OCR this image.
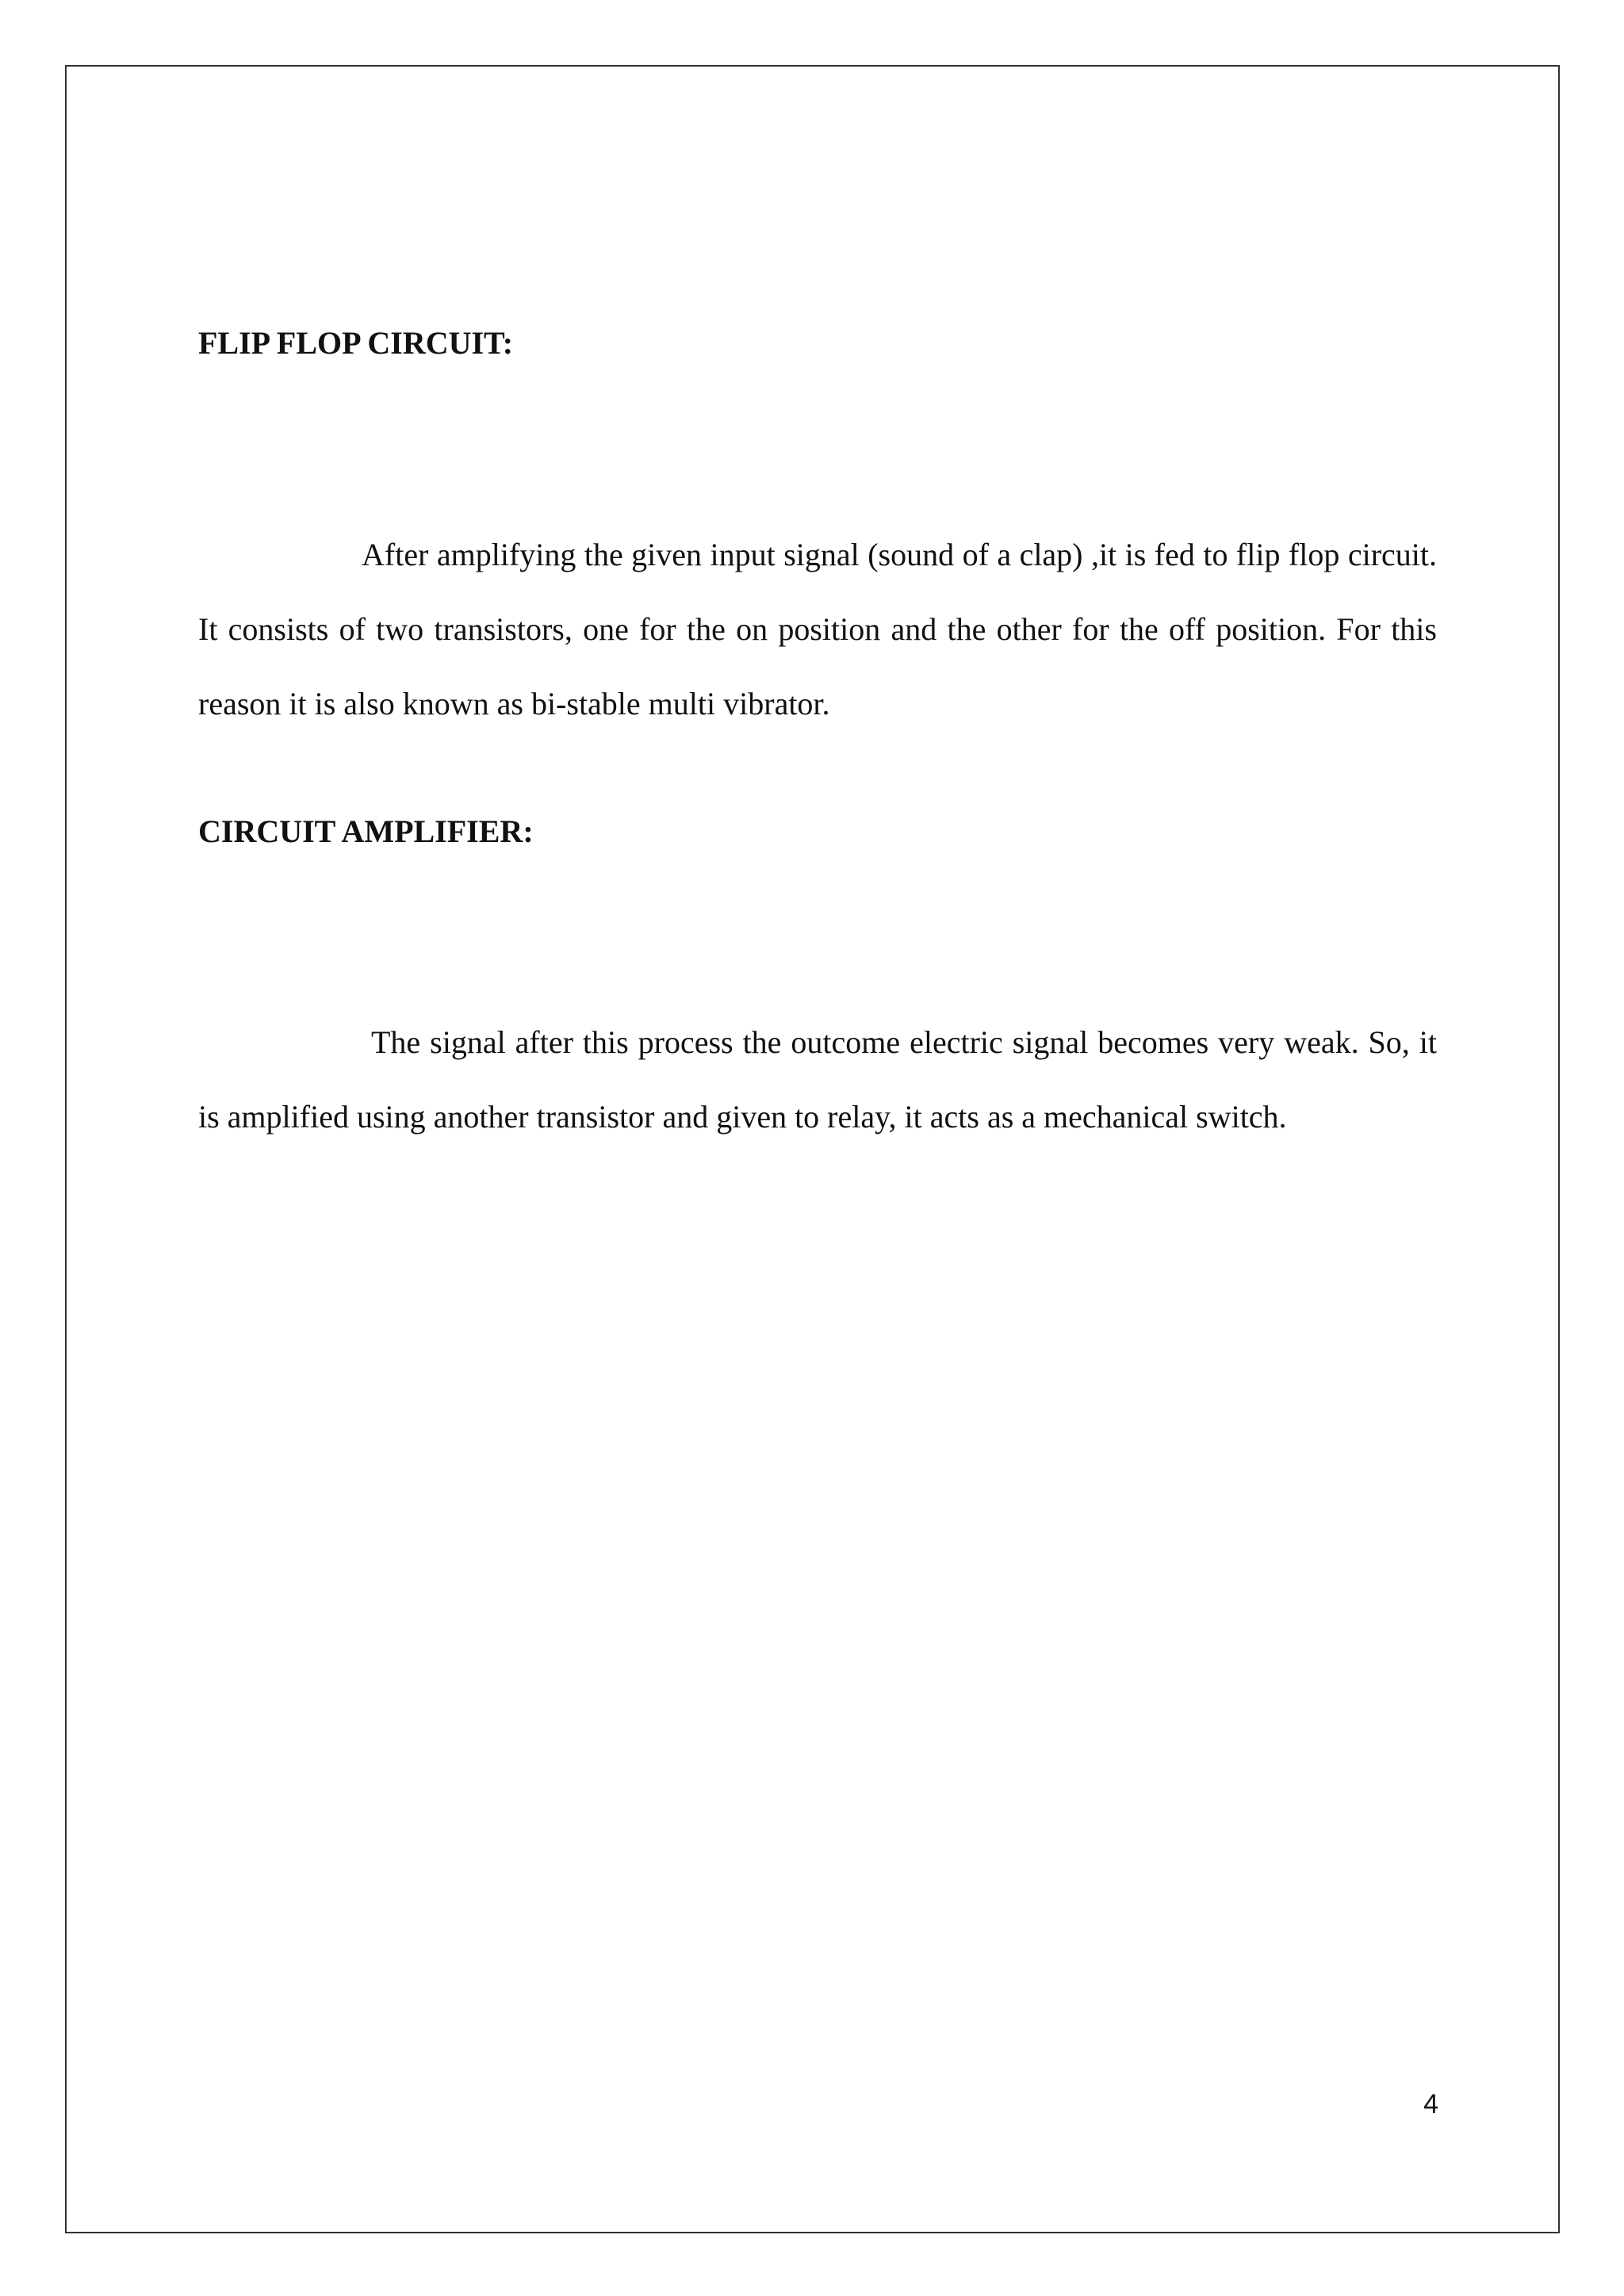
FLIP FLOP CIRCUIT:

After amplifying the given input signal (sound of a clap) ,it is fed to flip flop circuit. It consists of two transistors, one for the on position and the other for the off position. For this reason it is also known as bi-stable multi vibrator.

CIRCUIT AMPLIFIER:

The signal after this process the outcome electric signal becomes very weak. So, it is amplified using another transistor and given to relay, it acts as a mechanical switch.

4
